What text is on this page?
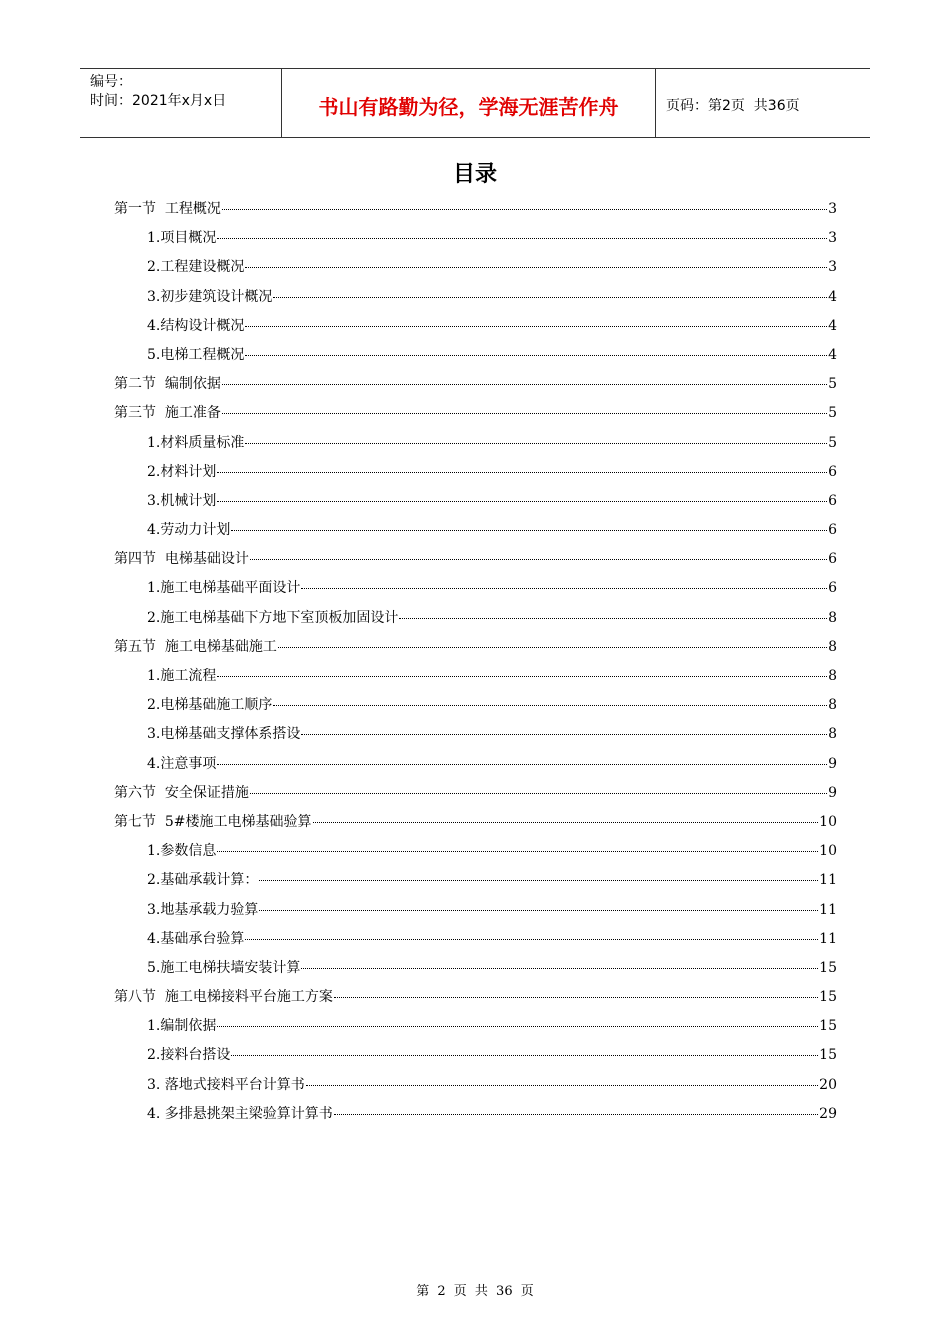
编号：
时间：2021年x月x日	书山有路勤为径，学海无涯苦作舟	页码：第2页  共36页
目录
第一节  工程概况	3
1.项目概况	3
2.工程建设概况	3
3.初步建筑设计概况	4
4.结构设计概况	4
5.电梯工程概况	4
第二节  编制依据	5
第三节  施工准备	5
1.材料质量标准	5
2.材料计划	6
3.机械计划	6
4.劳动力计划	6
第四节  电梯基础设计	6
1.施工电梯基础平面设计	6
2.施工电梯基础下方地下室顶板加固设计	8
第五节  施工电梯基础施工	8
1.施工流程	8
2.电梯基础施工顺序	8
3.电梯基础支撑体系搭设	8
4.注意事项	9
第六节  安全保证措施	9
第七节  5#楼施工电梯基础验算	10
1.参数信息	10
2.基础承载计算：	11
3.地基承载力验算	11
4.基础承台验算	11
5.施工电梯扶墙安装计算	15
第八节  施工电梯接料平台施工方案	15
1.编制依据	15
2.接料台搭设	15
3. 落地式接料平台计算书	20
4. 多排悬挑架主梁验算计算书	29
第 2 页 共 36 页
